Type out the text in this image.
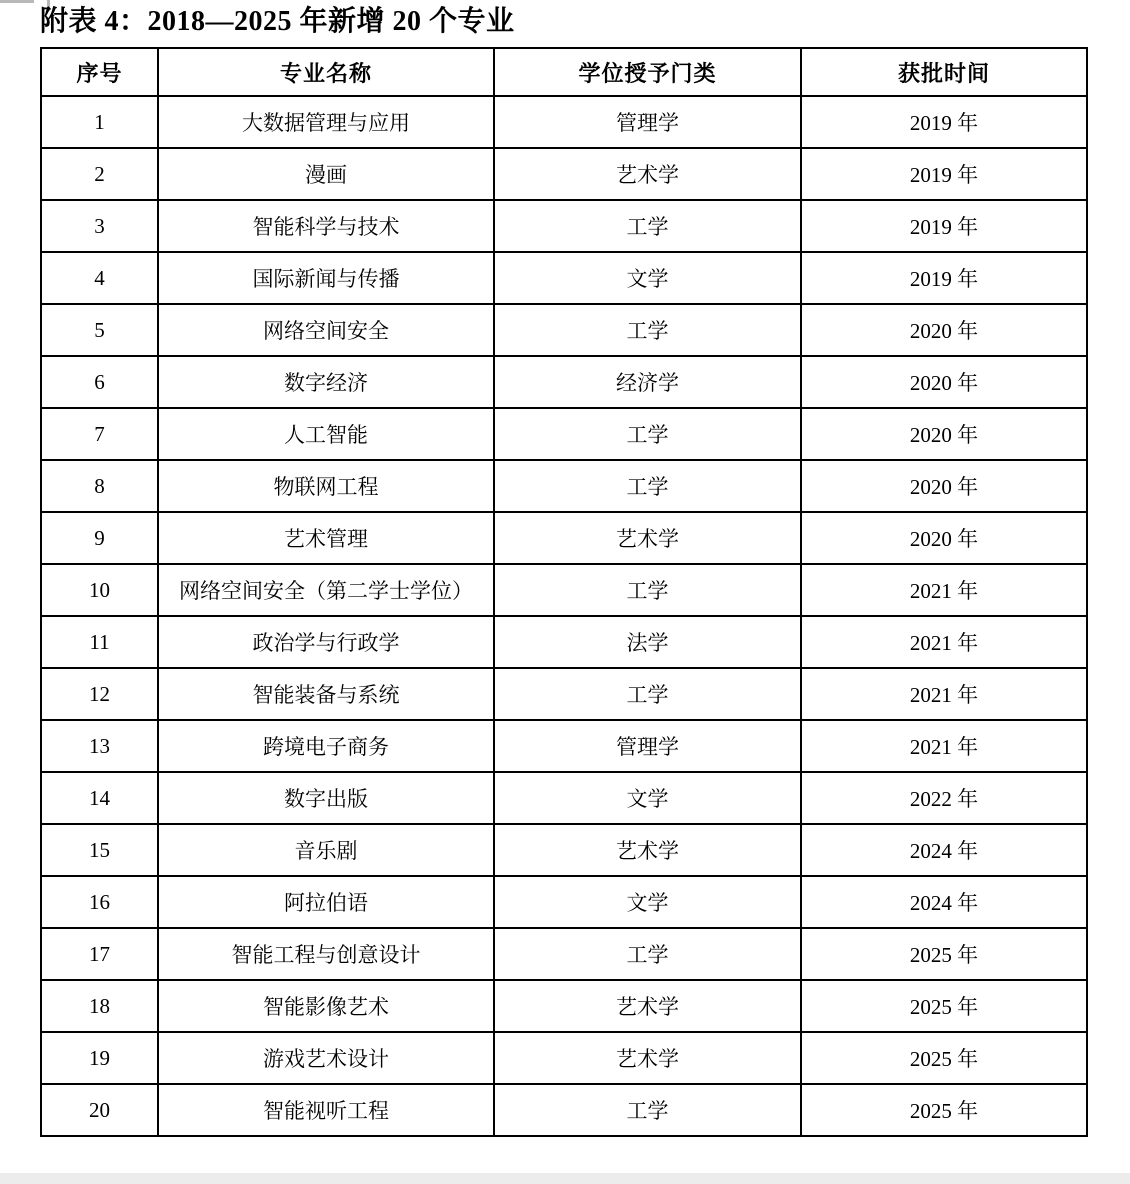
附表 4：2018—2025 年新增 20 个专业
序号	专业名称	学位授予门类	获批时间
1	大数据管理与应用	管理学	2019 年
2	漫画	艺术学	2019 年
3	智能科学与技术	工学	2019 年
4	国际新闻与传播	文学	2019 年
5	网络空间安全	工学	2020 年
6	数字经济	经济学	2020 年
7	人工智能	工学	2020 年
8	物联网工程	工学	2020 年
9	艺术管理	艺术学	2020 年
10	网络空间安全（第二学士学位）	工学	2021 年
11	政治学与行政学	法学	2021 年
12	智能装备与系统	工学	2021 年
13	跨境电子商务	管理学	2021 年
14	数字出版	文学	2022 年
15	音乐剧	艺术学	2024 年
16	阿拉伯语	文学	2024 年
17	智能工程与创意设计	工学	2025 年
18	智能影像艺术	艺术学	2025 年
19	游戏艺术设计	艺术学	2025 年
20	智能视听工程	工学	2025 年
